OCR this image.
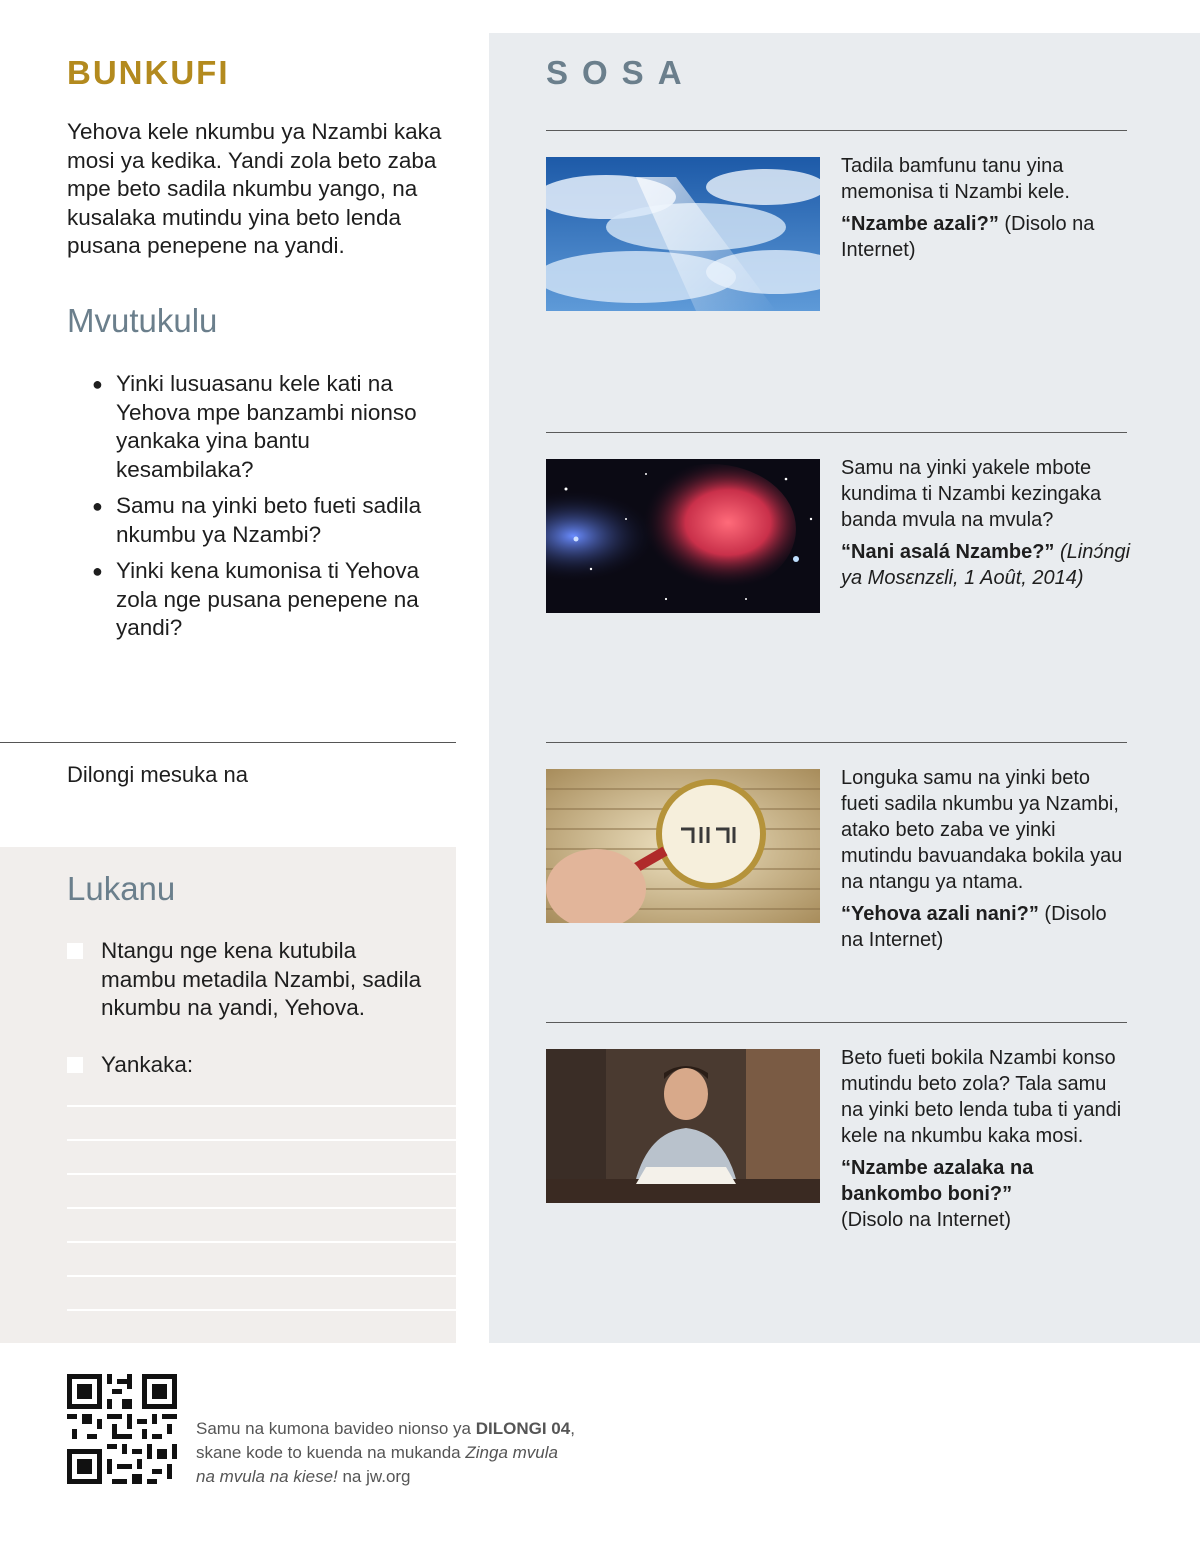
BUNKUFI

Yehova kele nkumbu ya Nzambi kaka mosi ya kedika. Yandi zola beto zaba mpe beto sadila nkumbu yango, na kusalaka mutindu yina beto lenda pusana penepene na yandi.

Mvutukulu
● Yinki lusuasanu kele kati na Yehova mpe banzambi nionso yankaka yina bantu kesambilaka?
● Samu na yinki beto fueti sadila nkumbu ya Nzambi?
● Yinki kena kumonisa ti Yehova zola nge pusana penepene na yandi?
Dilongi mesuka na
Lukanu
Ntangu nge kena kutubila mambu metadila Nzambi, sadila nkumbu na yandi, Yehova.
Yankaka:
SOSA

Tadila bamfunu tanu yina memonisa ti Nzambi kele.

“Nzambe azali?” (Disolo na Internet)

Samu na yinki yakele mbote kundima ti Nzambi kezingaka banda mvula na mvula?

“Nani asalá Nzambe?” (Linɔ́ngi ya Mosɛnzɛli, 1 Août, 2014)

Longuka samu na yinki beto fueti sadila nkumbu ya Nzambi, atako beto zaba ve yinki mutindu bavuandaka bokila yau na ntangu ya ntama.

“Yehova azali nani?” (Disolo na Internet)

Beto fueti bokila Nzambi konso mutindu beto zola? Tala samu na yinki beto lenda tuba ti yandi kele na nkumbu kaka mosi.

“Nzambe azalaka na bankombo boni?”
(Disolo na Internet)

Samu na kumona bavideo nionso ya DILONGI 04,
skane kode to kuenda na mukanda Zinga mvula
na mvula na kiese! na jw.org
